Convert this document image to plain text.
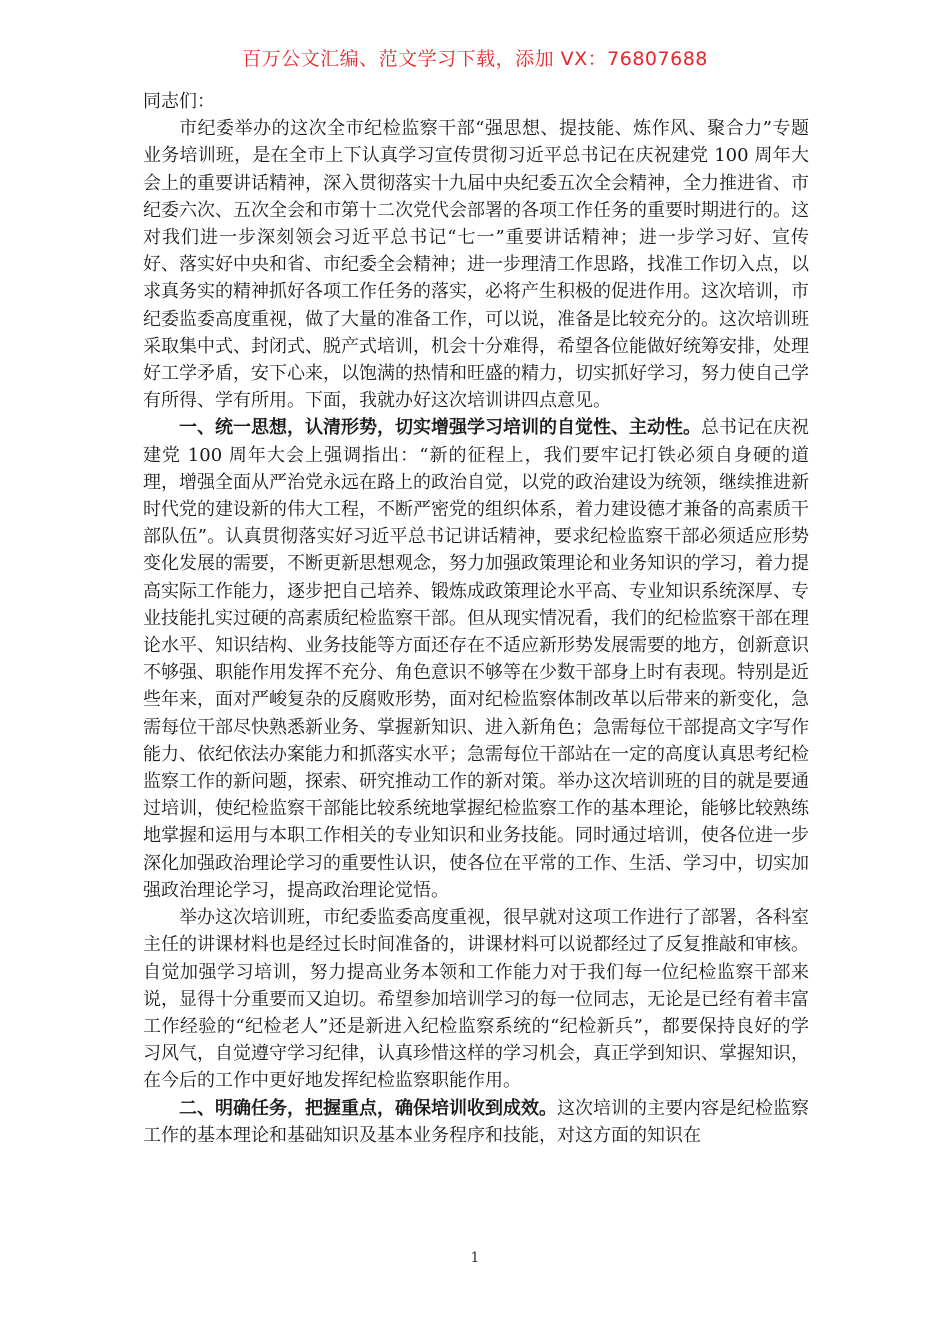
百万公文汇编、范文学习下载，添加 VX：76807688

同志们：

市纪委举办的这次全市纪检监察干部“强思想、提技能、炼作风、聚合力”专题业务培训班，是在全市上下认真学习宣传贯彻习近平总书记在庆祝建党 100 周年大会上的重要讲话精神，深入贯彻落实十九届中央纪委五次全会精神，全力推进省、市纪委六次、五次全会和市第十二次党代会部署的各项工作任务的重要时期进行的。这对我们进一步深刻领会习近平总书记“七一”重要讲话精神；进一步学习好、宣传好、落实好中央和省、市纪委全会精神；进一步理清工作思路，找准工作切入点，以求真务实的精神抓好各项工作任务的落实，必将产生积极的促进作用。这次培训，市纪委监委高度重视，做了大量的准备工作，可以说，准备是比较充分的。这次培训班采取集中式、封闭式、脱产式培训，机会十分难得，希望各位能做好统筹安排，处理好工学矛盾，安下心来，以饱满的热情和旺盛的精力，切实抓好学习，努力使自己学有所得、学有所用。下面，我就办好这次培训讲四点意见。

一、统一思想，认清形势，切实增强学习培训的自觉性、主动性。总书记在庆祝建党 100 周年大会上强调指出：“新的征程上，我们要牢记打铁必须自身硬的道理，增强全面从严治党永远在路上的政治自觉，以党的政治建设为统领，继续推进新时代党的建设新的伟大工程，不断严密党的组织体系，着力建设德才兼备的高素质干部队伍”。认真贯彻落实好习近平总书记讲话精神，要求纪检监察干部必须适应形势变化发展的需要，不断更新思想观念，努力加强政策理论和业务知识的学习，着力提高实际工作能力，逐步把自己培养、锻炼成政策理论水平高、专业知识系统深厚、专业技能扎实过硬的高素质纪检监察干部。但从现实情况看，我们的纪检监察干部在理论水平、知识结构、业务技能等方面还存在不适应新形势发展需要的地方，创新意识不够强、职能作用发挥不充分、角色意识不够等在少数干部身上时有表现。特别是近些年来，面对严峻复杂的反腐败形势，面对纪检监察体制改革以后带来的新变化，急需每位干部尽快熟悉新业务、掌握新知识、进入新角色；急需每位干部提高文字写作能力、依纪依法办案能力和抓落实水平；急需每位干部站在一定的高度认真思考纪检监察工作的新问题，探索、研究推动工作的新对策。举办这次培训班的目的就是要通过培训，使纪检监察干部能比较系统地掌握纪检监察工作的基本理论，能够比较熟练地掌握和运用与本职工作相关的专业知识和业务技能。同时通过培训，使各位进一步深化加强政治理论学习的重要性认识，使各位在平常的工作、生活、学习中，切实加强政治理论学习，提高政治理论觉悟。

举办这次培训班，市纪委监委高度重视，很早就对这项工作进行了部署，各科室主任的讲课材料也是经过长时间准备的，讲课材料可以说都经过了反复推敲和审核。自觉加强学习培训，努力提高业务本领和工作能力对于我们每一位纪检监察干部来说，显得十分重要而又迫切。希望参加培训学习的每一位同志，无论是已经有着丰富工作经验的“纪检老人”还是新进入纪检监察系统的“纪检新兵”，都要保持良好的学习风气，自觉遵守学习纪律，认真珍惜这样的学习机会，真正学到知识、掌握知识，在今后的工作中更好地发挥纪检监察职能作用。

二、明确任务，把握重点，确保培训收到成效。这次培训的主要内容是纪检监察工作的基本理论和基础知识及基本业务程序和技能，对这方面的知识在

1
